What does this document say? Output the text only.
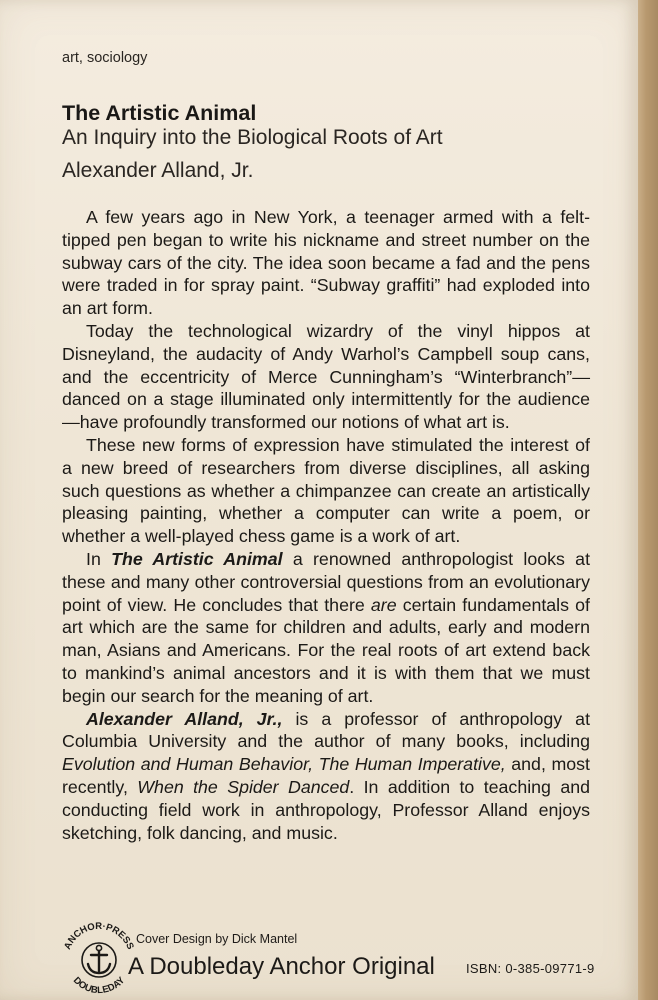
art, sociology
The Artistic Animal
An Inquiry into the Biological Roots of Art
Alexander Alland, Jr.

A few years ago in New York, a teenager armed with a felt-tipped pen began to write his nickname and street number on the subway cars of the city. The idea soon became a fad and the pens were traded in for spray paint. “Subway graffiti” had exploded into an art form.

Today the technological wizardry of the vinyl hippos at Disneyland, the audacity of Andy Warhol’s Campbell soup cans, and the eccentricity of Merce Cunningham’s “Winterbranch”—danced on a stage illuminated only intermittently for the audience—have profoundly transformed our notions of what art is.

These new forms of expression have stimulated the interest of a new breed of researchers from diverse disciplines, all asking such questions as whether a chimpanzee can create an artistically pleasing painting, whether a computer can write a poem, or whether a well-played chess game is a work of art.

In The Artistic Animal a renowned anthropologist looks at these and many other controversial questions from an evolutionary point of view. He concludes that there are certain fundamentals of art which are the same for children and adults, early and modern man, Asians and Americans. For the real roots of art extend back to mankind’s animal ancestors and it is with them that we must begin our search for the meaning of art.

Alexander Alland, Jr., is a professor of anthropology at Columbia University and the author of many books, including Evolution and Human Behavior, The Human Imperative, and, most recently, When the Spider Danced. In addition to teaching and conducting field work in anthropology, Professor Alland enjoys sketching, folk dancing, and music.

ANCHOR·PRESS
DOUBLEDAY
Cover Design by Dick Mantel
A Doubleday Anchor Original ISBN: 0-385-09771-9
